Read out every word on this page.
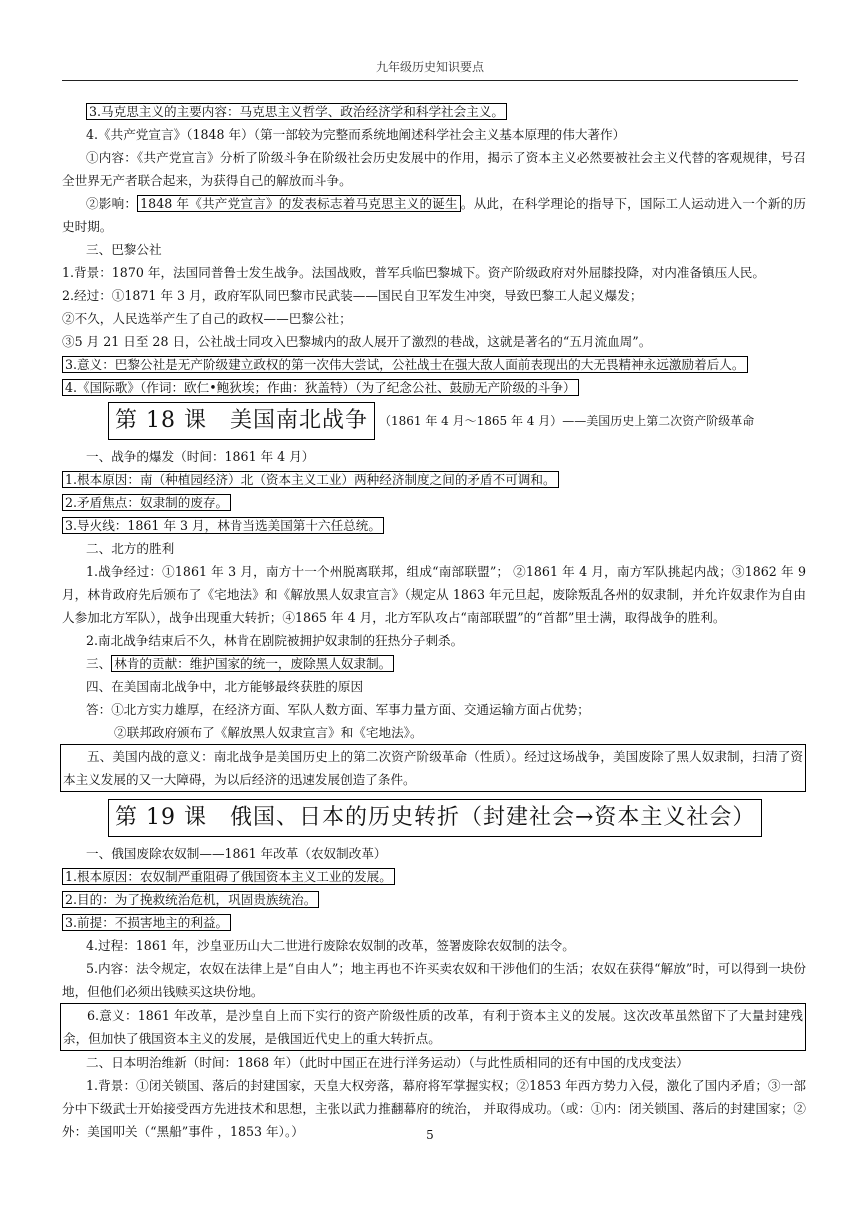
九年级历史知识要点
3.马克思主义的主要内容：马克思主义哲学、政治经济学和科学社会主义。
4.《共产党宣言》（1848 年）（第一部较为完整而系统地阐述科学社会主义基本原理的伟大著作）
①内容：《共产党宣言》分析了阶级斗争在阶级社会历史发展中的作用，揭示了资本主义必然要被社会主义代替的客观规律，号召全世界无产者联合起来，为获得自己的解放而斗争。
②影响： 1848 年《共产党宣言》的发表标志着马克思主义的诞生 。从此，在科学理论的指导下，国际工人运动进入一个新的历史时期。
三、巴黎公社
1.背景：1870 年，法国同普鲁士发生战争。法国战败，普军兵临巴黎城下。资产阶级政府对外屈膝投降，对内准备镇压人民。
2.经过：①1871 年 3 月，政府军队同巴黎市民武装——国民自卫军发生冲突，导致巴黎工人起义爆发；
②不久，人民选举产生了自己的政权——巴黎公社；
③5 月 21 日至 28 日，公社战士同攻入巴黎城内的敌人展开了激烈的巷战，这就是著名的“五月流血周”。
3.意义：巴黎公社是无产阶级建立政权的第一次伟大尝试，公社战士在强大敌人面前表现出的大无畏精神永远激励着后人。
4.《国际歌》（作词：欧仁•鲍狄埃；作曲：狄盖特）（为了纪念公社、鼓励无产阶级的斗争）
第 18 课　美国南北战争 （1861 年 4 月～1865 年 4 月）——美国历史上第二次资产阶级革命
一、战争的爆发（时间：1861 年 4 月）
1.根本原因：南（种植园经济）北（资本主义工业）两种经济制度之间的矛盾不可调和。
2.矛盾焦点：奴隶制的废存。
3.导火线：1861 年 3 月，林肯当选美国第十六任总统。
二、北方的胜利
1.战争经过：①1861 年 3 月，南方十一个州脱离联邦，组成“南部联盟”； ②1861 年 4 月，南方军队挑起内战；③1862 年 9 月，林肯政府先后颁布了《宅地法》和《解放黑人奴隶宣言》（规定从 1863 年元旦起，废除叛乱各州的奴隶制，并允许奴隶作为自由人参加北方军队），战争出现重大转折；④1865 年 4 月，北方军队攻占“南部联盟”的“首都”里士满，取得战争的胜利。
2.南北战争结束后不久，林肯在剧院被拥护奴隶制的狂热分子刺杀。
三、 林肯的贡献：维护国家的统一，废除黑人奴隶制。
四、在美国南北战争中，北方能够最终获胜的原因
答：①北方实力雄厚，在经济方面、军队人数方面、军事力量方面、交通运输方面占优势；
②联邦政府颁布了《解放黑人奴隶宣言》和《宅地法》。
五、美国内战的意义：南北战争是美国历史上的第二次资产阶级革命（性质）。经过这场战争，美国废除了黑人奴隶制，扫清了资本主义发展的又一大障碍，为以后经济的迅速发展创造了条件。
第 19 课　俄国、日本的历史转折（封建社会→资本主义社会）
一、俄国废除农奴制——1861 年改革（农奴制改革）
1.根本原因：农奴制严重阻碍了俄国资本主义工业的发展。
2.目的：为了挽救统治危机，巩固贵族统治。
3.前提：不损害地主的利益。
4.过程：1861 年，沙皇亚历山大二世进行废除农奴制的改革，签署废除农奴制的法令。
5.内容：法令规定，农奴在法律上是“自由人”；地主再也不许买卖农奴和干涉他们的生活；农奴在获得“解放”时，可以得到一块份地，但他们必须出钱赎买这块份地。
6.意义：1861 年改革，是沙皇自上而下实行的资产阶级性质的改革，有利于资本主义的发展。这次改革虽然留下了大量封建残余，但加快了俄国资本主义的发展，是俄国近代史上的重大转折点。
二、日本明治维新（时间：1868 年）（此时中国正在进行洋务运动）（与此性质相同的还有中国的戊戌变法）
1.背景：①闭关锁国、落后的封建国家，天皇大权旁落，幕府将军掌握实权；②1853 年西方势力入侵，激化了国内矛盾；③一部分中下级武士开始接受西方先进技术和思想，主张以武力推翻幕府的统治， 并取得成功。（或：①内：闭关锁国、落后的封建国家；②外：美国叩关（“黑船”事件 ，1853 年）。）	5
